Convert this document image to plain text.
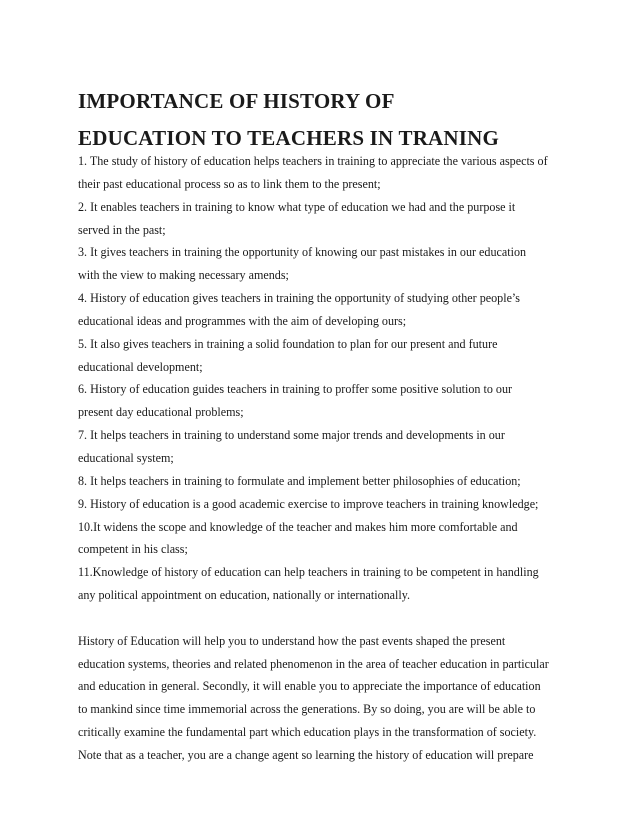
IMPORTANCE OF HISTORY OF
EDUCATION TO TEACHERS IN TRANING
1. The study of history of education helps teachers in training to appreciate the various aspects of
their past educational process so as to link them to the present;
2. It enables teachers in training to know what type of education we had and the purpose it
served in the past;
3. It gives teachers in training the opportunity of knowing our past mistakes in our education
with the view to making necessary amends;
4. History of education gives teachers in training the opportunity of studying other people’s
educational ideas and programmes with the aim of developing ours;
5. It also gives teachers in training a solid foundation to plan for our present and future
educational development;
6. History of education guides teachers in training to proffer some positive solution to our
present day educational problems;
7. It helps teachers in training to understand some major trends and developments in our
educational system;
8. It helps teachers in training to formulate and implement better philosophies of education;
9. History of education is a good academic exercise to improve teachers in training knowledge;
10.It widens the scope and knowledge of the teacher and makes him more comfortable and
competent in his class;
11.Knowledge of history of education can help teachers in training to be competent in handling
any political appointment on education, nationally or internationally.
History of Education will help you to understand how the past events shaped the present
education systems, theories and related phenomenon in the area of teacher education in particular
and education in general. Secondly, it will enable you to appreciate the importance of education
to mankind since time immemorial across the generations. By so doing, you are will be able to
critically examine the fundamental part which education plays in the transformation of society.
Note that as a teacher, you are a change agent so learning the history of education will prepare
